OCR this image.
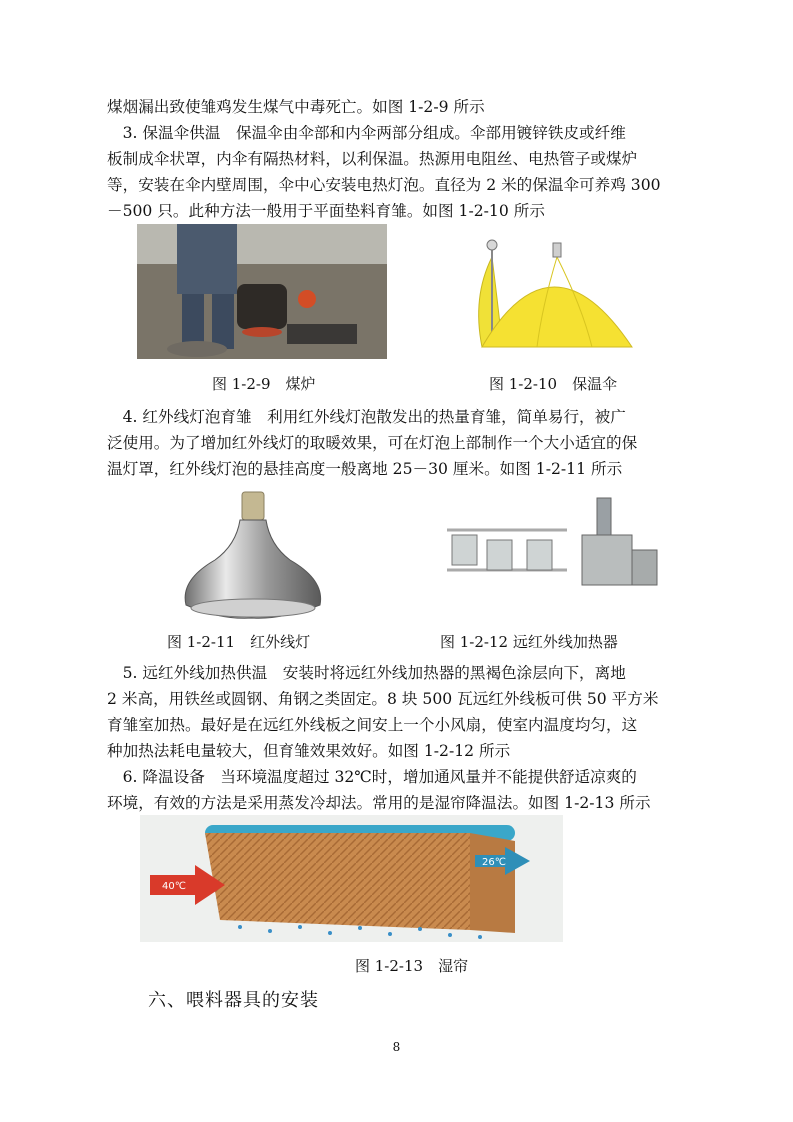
煤烟漏出致使雏鸡发生煤气中毒死亡。如图 1-2-9 所示
　3. 保温伞供温　保温伞由伞部和内伞两部分组成。伞部用镀锌铁皮或纤维
板制成伞状罩，内伞有隔热材料，以利保温。热源用电阻丝、电热管子或煤炉
等，安装在伞内壁周围，伞中心安装电热灯泡。直径为 2 米的保温伞可养鸡 300
－500 只。此种方法一般用于平面垫料育雏。如图 1-2-10 所示
图 1-2-9　煤炉	图 1-2-10　保温伞
　4. 红外线灯泡育雏　利用红外线灯泡散发出的热量育雏，简单易行，被广
泛使用。为了增加红外线灯的取暖效果，可在灯泡上部制作一个大小适宜的保
温灯罩，红外线灯泡的悬挂高度一般离地 25－30 厘米。如图 1-2-11 所示
图 1-2-11　红外线灯	图 1-2-12 远红外线加热器
　5. 远红外线加热供温　安装时将远红外线加热器的黑褐色涂层向下，离地
2 米高，用铁丝或圆钢、角钢之类固定。8 块 500 瓦远红外线板可供 50 平方米
育雏室加热。最好是在远红外线板之间安上一个小风扇，使室内温度均匀，这
种加热法耗电量较大，但育雏效果效好。如图 1-2-12 所示
　6. 降温设备　当环境温度超过 32℃时，增加通风量并不能提供舒适凉爽的
环境，有效的方法是采用蒸发冷却法。常用的是湿帘降温法。如图 1-2-13 所示
40℃
26℃
图 1-2-13　湿帘
六、喂料器具的安装
8
